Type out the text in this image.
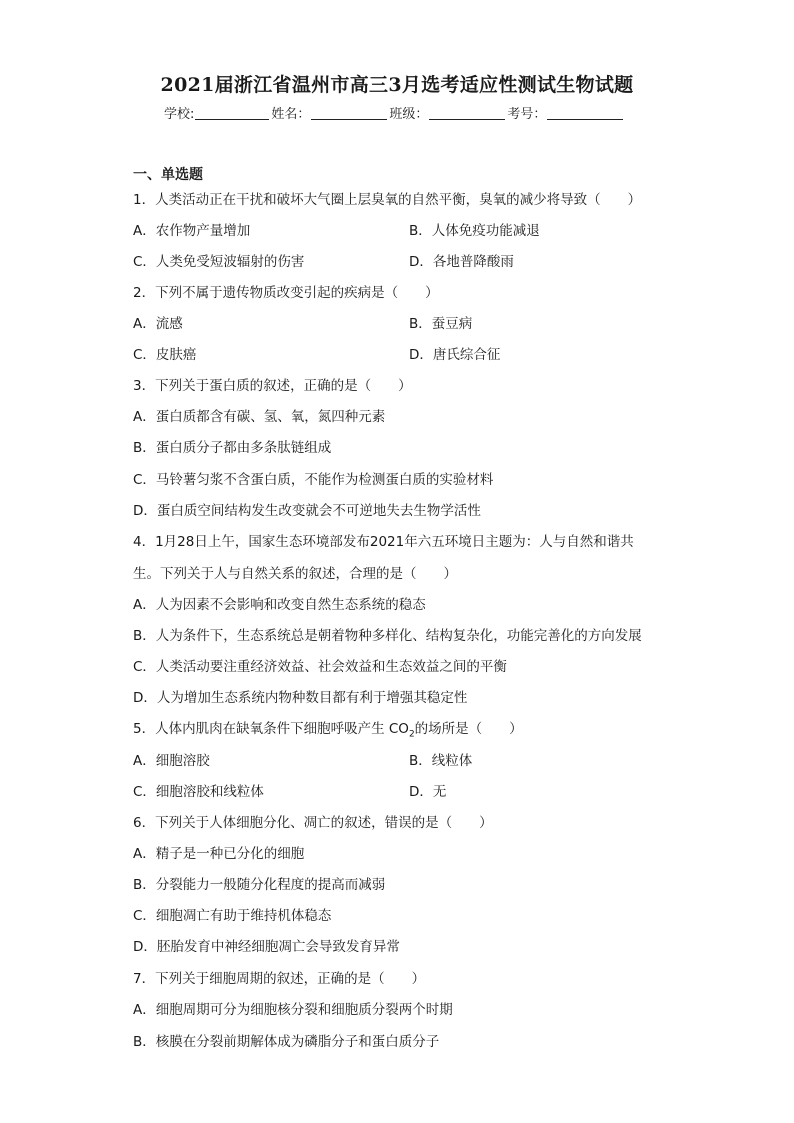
2021届浙江省温州市高三3月选考适应性测试生物试题
学校:	姓名：	班级：	考号：
一、单选题
1．人类活动正在干扰和破坏大气圈上层臭氧的自然平衡，臭氧的减少将导致（　　）
A．农作物产量增加	B．人体免疫功能减退
C．人类免受短波辐射的伤害	D．各地普降酸雨
2．下列不属于遗传物质改变引起的疾病是（　　）
A．流感	B．蚕豆病
C．皮肤癌	D．唐氏综合征
3．下列关于蛋白质的叙述，正确的是（　　）
A．蛋白质都含有碳、氢、氧，氮四种元素
B．蛋白质分子都由多条肽链组成
C．马铃薯匀浆不含蛋白质，不能作为检测蛋白质的实验材料
D．蛋白质空间结构发生改变就会不可逆地失去生物学活性
4．1月28日上午，国家生态环境部发布2021年六五环境日主题为：人与自然和谐共
生。下列关于人与自然关系的叙述，合理的是（　　）
A．人为因素不会影响和改变自然生态系统的稳态
B．人为条件下，生态系统总是朝着物种多样化、结构复杂化，功能完善化的方向发展
C．人类活动要注重经济效益、社会效益和生态效益之间的平衡
D．人为增加生态系统内物种数目都有利于增强其稳定性
5．人体内肌肉在缺氧条件下细胞呼吸产生 $CO_2$的场所是（　　）
A．细胞溶胶	B．线粒体
C．细胞溶胶和线粒体	D．无
6．下列关于人体细胞分化、凋亡的叙述，错误的是（　　）
A．精子是一种已分化的细胞
B．分裂能力一般随分化程度的提高而减弱
C．细胞凋亡有助于维持机体稳态
D．胚胎发育中神经细胞凋亡会导致发育异常
7．下列关于细胞周期的叙述，正确的是（　　）
A．细胞周期可分为细胞核分裂和细胞质分裂两个时期
B．核膜在分裂前期解体成为磷脂分子和蛋白质分子
